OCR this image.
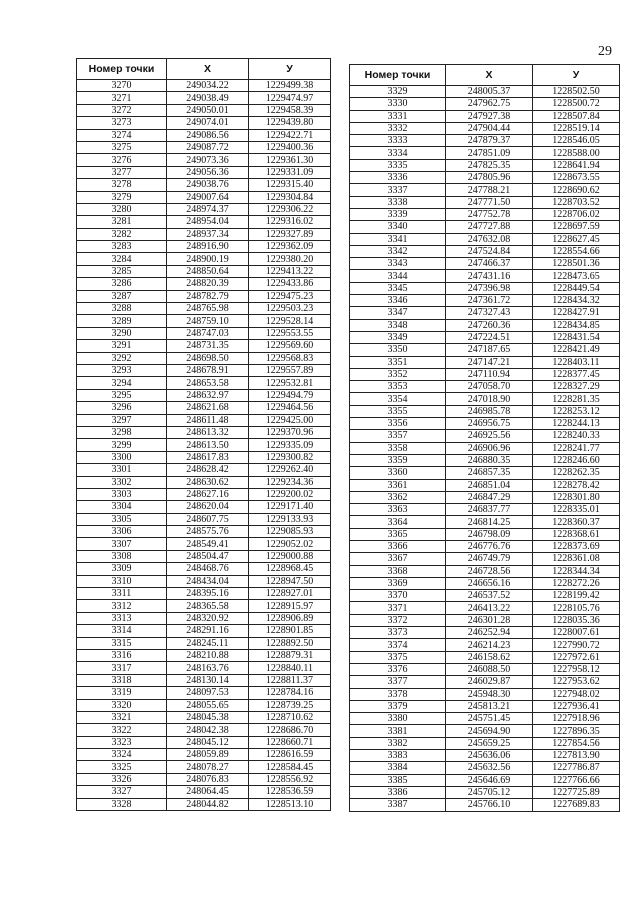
29
Номер точки	X	У
3270	249034.22	1229499.38
3271	249038.49	1229474.97
3272	249050.01	1229458.39
3273	249074.01	1229439.80
3274	249086.56	1229422.71
3275	249087.72	1229400.36
3276	249073.36	1229361.30
3277	249056.36	1229331.09
3278	249038.76	1229315.40
3279	249007.64	1229304.84
3280	248974.37	1229306.22
3281	248954.04	1229316.02
3282	248937.34	1229327.89
3283	248916.90	1229362.09
3284	248900.19	1229380.20
3285	248850.64	1229413.22
3286	248820.39	1229433.86
3287	248782.79	1229475.23
3288	248765.98	1229503.23
3289	248759.10	1229528.14
3290	248747.03	1229553.55
3291	248731.35	1229569.60
3292	248698.50	1229568.83
3293	248678.91	1229557.89
3294	248653.58	1229532.81
3295	248632.97	1229494.79
3296	248621.68	1229464.56
3297	248611.48	1229425.00
3298	248613.32	1229370.96
3299	248613.50	1229335.09
3300	248617.83	1229300.82
3301	248628.42	1229262.40
3302	248630.62	1229234.36
3303	248627.16	1229200.02
3304	248620.04	1229171.40
3305	248607.75	1229133.93
3306	248575.76	1229085.93
3307	248549.41	1229052.02
3308	248504.47	1229000.88
3309	248468.76	1228968.45
3310	248434.04	1228947.50
3311	248395.16	1228927.01
3312	248365.58	1228915.97
3313	248320.92	1228906.89
3314	248291.16	1228901.85
3315	248245.11	1228892.50
3316	248210.88	1228879.31
3317	248163.76	1228840.11
3318	248130.14	1228811.37
3319	248097.53	1228784.16
3320	248055.65	1228739.25
3321	248045.38	1228710.62
3322	248042.38	1228686.70
3323	248045.12	1228660.71
3324	248059.89	1228616.59
3325	248078.27	1228584.45
3326	248076.83	1228556.92
3327	248064.45	1228536.59
3328	248044.82	1228513.10
Номер точки	X	У
3329	248005.37	1228502.50
3330	247962.75	1228500.72
3331	247927.38	1228507.84
3332	247904.44	1228519.14
3333	247879.37	1228546.05
3334	247851.09	1228588.00
3335	247825.35	1228641.94
3336	247805.96	1228673.55
3337	247788.21	1228690.62
3338	247771.50	1228703.52
3339	247752.78	1228706.02
3340	247727.88	1228697.59
3341	247632.08	1228627.45
3342	247524.84	1228554.66
3343	247466.37	1228501.36
3344	247431.16	1228473.65
3345	247396.98	1228449.54
3346	247361.72	1228434.32
3347	247327.43	1228427.91
3348	247260.36	1228434.85
3349	247224.51	1228431.54
3350	247187.65	1228421.49
3351	247147.21	1228403.11
3352	247110.94	1228377.45
3353	247058.70	1228327.29
3354	247018.90	1228281.35
3355	246985.78	1228253.12
3356	246956.75	1228244.13
3357	246925.56	1228240.33
3358	246906.96	1228241.77
3359	246880.35	1228246.60
3360	246857.35	1228262.35
3361	246851.04	1228278.42
3362	246847.29	1228301.80
3363	246837.77	1228335.01
3364	246814.25	1228360.37
3365	246798.09	1228368.61
3366	246776.76	1228373.69
3367	246749.79	1228361.08
3368	246728.56	1228344.34
3369	246656.16	1228272.26
3370	246537.52	1228199.42
3371	246413.22	1228105.76
3372	246301.28	1228035.36
3373	246252.94	1228007.61
3374	246214.23	1227990.72
3375	246158.62	1227972.61
3376	246088.50	1227958.12
3377	246029.87	1227953.62
3378	245948.30	1227948.02
3379	245813.21	1227936.41
3380	245751.45	1227918.96
3381	245694.90	1227896.35
3382	245659.25	1227854.56
3383	245636.06	1227813.90
3384	245632.56	1227786.87
3385	245646.69	1227766.66
3386	245705.12	1227725.89
3387	245766.10	1227689.83
